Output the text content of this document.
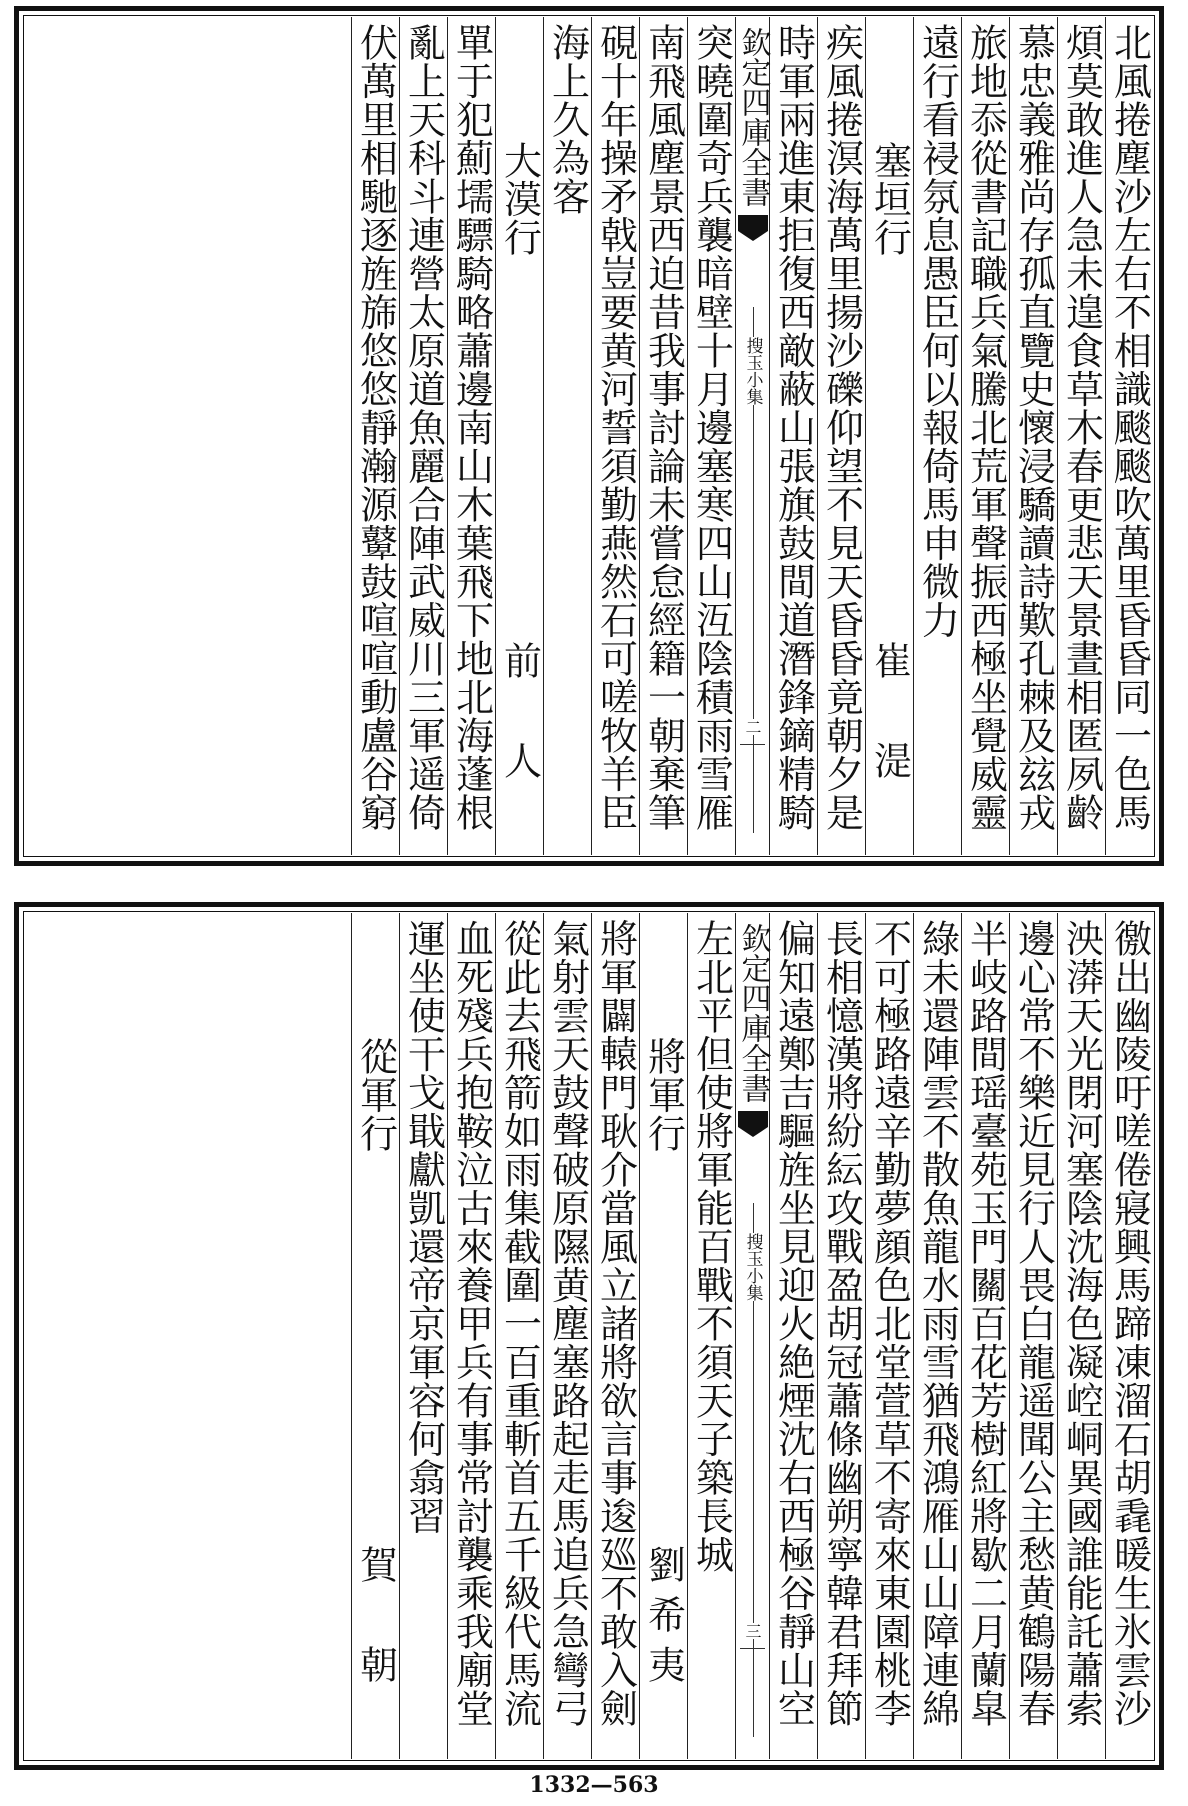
北風捲塵沙左右不相識颷颷吹萬里昏昏同一色馬
煩莫敢進人急未遑食草木春更悲天景晝相匿夙齡
慕忠義雅尚存孤直覽史懷浸驕讀詩歎孔棘及玆戎
旅地忝從書記職兵氣騰北荒軍聲振西極坐覺威靈
遠行看祲氛息愚臣何以報倚馬申微力
塞垣行
崔　湜
疾風捲溟海萬里揚沙礫仰望不見天昏昏竟朝夕是
時軍兩進東拒復西敵蔽山張旗鼓間道潛鋒鏑精騎
欽定四庫全書
搜玉小集
二
突曉圍奇兵襲暗壁十月邊塞寒四山沍陰積雨雪雁
南飛風塵景西迫昔我事討論未嘗怠經籍一朝棄筆
硯十年操矛戟豈要黄河誓須勤燕然石可嗟牧羊臣
海上久為客
大漠行
前　人
單于犯薊壖驃騎略蕭邊南山木葉飛下地北海蓬根
亂上天科斗連營太原道魚麗合陣武威川三軍遥倚
伏萬里相馳逐旌旆悠悠靜瀚源鼙鼓喧喧動盧谷窮
徼出幽陵吁嗟倦寢興馬蹄凍溜石胡毳暖生氷雲沙
泱漭天光閉河塞陰沈海色凝崆峒異國誰能託蕭索
邊心常不樂近見行人畏白龍遥聞公主愁黄鶴陽春
半岐路間瑶臺苑玉門關百花芳樹紅將歇二月蘭皐
綠未還陣雲不散魚龍水雨雪猶飛鴻雁山山障連綿
不可極路遠辛勤夢顔色北堂萱草不寄來東園桃李
長相憶漢將紛紜攻戰盈胡冠蕭條幽朔寧韓君拜節
偏知遠鄭吉驅旌坐見迎火絶煙沈右西極谷靜山空
欽定四庫全書
搜玉小集
三
左北平但使將軍能百戰不須天子築長城
將軍行
劉希夷
將軍闢轅門耿介當風立諸將欲言事逡廵不敢入劍
氣射雲天鼓聲破原隰黄塵塞路起走馬追兵急彎弓
從此去飛箭如雨集截圍一百重斬首五千級代馬流
血死殘兵抱鞍泣古來養甲兵有事常討襲乘我廟堂
運坐使干戈戢獻凱還帝京軍容何翕習
從軍行
賀　朝
1332—563
